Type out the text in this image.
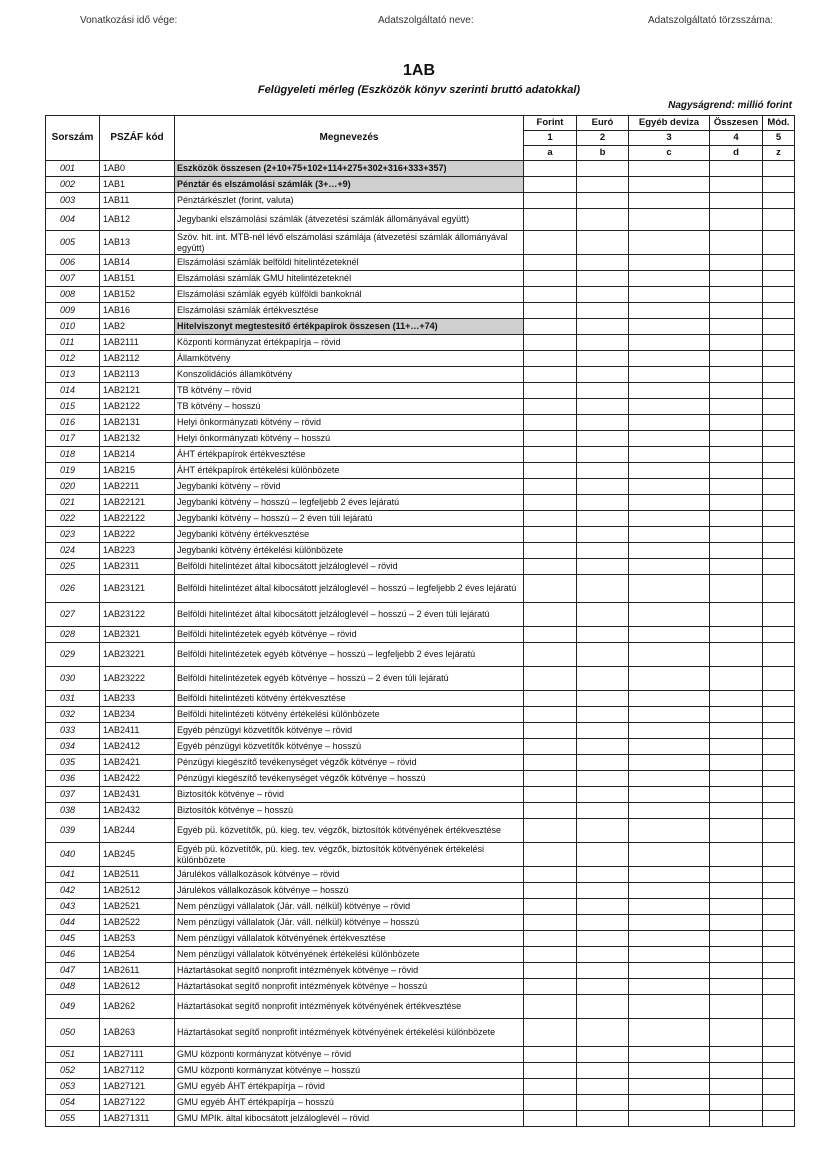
Vonatkozási idő vége:	Adatszolgáltató neve:	Adatszolgáltató törzsszáma:
1AB
Felügyeleti mérleg (Eszközök könyv szerinti bruttó adatokkal)
Nagyságrend: millió forint
Sorszám	PSZÁF kód	Megnevezés	Forint	Euró	Egyéb deviza	Összesen	Mód.
			1	2	3	4	5
			a	b	c	d	z
001	1AB0	Eszközök összesen (2+10+75+102+114+275+302+316+333+357)					
002	1AB1	Pénztár és elszámolási számlák (3+…+9)					
003	1AB11	Pénztárkészlet (forint, valuta)					
004	1AB12	Jegybanki elszámolási számlák (átvezetési számlák állományával együtt)					
005	1AB13	Szöv. hit. int. MTB-nél lévő elszámolási számlája (átvezetési számlák állományával együtt)					
006	1AB14	Elszámolási számlák belföldi hitelintézeteknél					
007	1AB151	Elszámolási számlák GMU hitelintézeteknél					
008	1AB152	Elszámolási számlák egyéb külföldi bankoknál					
009	1AB16	Elszámolási számlák értékvesztése					
010	1AB2	Hitelviszonyt megtestesítő értékpapírok összesen (11+…+74)					
011	1AB2111	Központi kormányzat értékpapírja – rövid					
012	1AB2112	Államkötvény					
013	1AB2113	Konszolidációs államkötvény					
014	1AB2121	TB kötvény – rövid					
015	1AB2122	TB kötvény – hosszú					
016	1AB2131	Helyi önkormányzati kötvény – rövid					
017	1AB2132	Helyi önkormányzati kötvény – hosszú					
018	1AB214	ÁHT értékpapírok értékvesztése					
019	1AB215	ÁHT értékpapírok értékelési különbözete					
020	1AB2211	Jegybanki kötvény – rövid					
021	1AB22121	Jegybanki kötvény – hosszú – legfeljebb 2 éves lejáratú					
022	1AB22122	Jegybanki kötvény – hosszú – 2 éven túli lejáratú					
023	1AB222	Jegybanki kötvény értékvesztése					
024	1AB223	Jegybanki kötvény értékelési különbözete					
025	1AB2311	Belföldi hitelintézet által kibocsátott jelzáloglevél – rövid					
026	1AB23121	Belföldi hitelintézet által kibocsátott jelzáloglevél – hosszú – legfeljebb 2 éves lejáratú					
027	1AB23122	Belföldi hitelintézet által kibocsátott jelzáloglevél – hosszú – 2 éven túli lejáratú					
028	1AB2321	Belföldi hitelintézetek egyéb kötvénye – rövid					
029	1AB23221	Belföldi hitelintézetek egyéb kötvénye – hosszú – legfeljebb 2 éves lejáratú					
030	1AB23222	Belföldi hitelintézetek egyéb kötvénye – hosszú – 2 éven túli lejáratú					
031	1AB233	Belföldi hitelintézeti kötvény értékvesztése					
032	1AB234	Belföldi hitelintézeti kötvény értékelési különbözete					
033	1AB2411	Egyéb pénzügyi közvetítők kötvénye – rövid					
034	1AB2412	Egyéb pénzügyi közvetítők kötvénye – hosszú					
035	1AB2421	Pénzügyi kiegészítő tevékenységet végzők kötvénye – rövid					
036	1AB2422	Pénzügyi kiegészítő tevékenységet végzők kötvénye – hosszú					
037	1AB2431	Biztosítók kötvénye – rövid					
038	1AB2432	Biztosítók kötvénye – hosszú					
039	1AB244	Egyéb pü. közvetítők, pü. kieg. tev. végzők, biztosítók kötvényének értékvesztése					
040	1AB245	Egyéb pü. közvetítők, pü. kieg. tev. végzők, biztosítók kötvényének értékelési különbözete					
041	1AB2511	Járulékos vállalkozások kötvénye – rövid					
042	1AB2512	Járulékos vállalkozások kötvénye – hosszú					
043	1AB2521	Nem pénzügyi vállalatok (Jár. váll. nélkül) kötvénye – rövid					
044	1AB2522	Nem pénzügyi vállalatok (Jár. váll. nélkül) kötvénye – hosszú					
045	1AB253	Nem pénzügyi vállalatok kötvényének értékvesztése					
046	1AB254	Nem pénzügyi vállalatok kötvényének értékelési különbözete					
047	1AB2611	Háztartásokat segítő nonprofit intézmények kötvénye – rövid					
048	1AB2612	Háztartásokat segítő nonprofit intézmények kötvénye – hosszú					
049	1AB262	Háztartásokat segítő nonprofit intézmények kötvényének értékvesztése					
050	1AB263	Háztartásokat segítő nonprofit intézmények kötvényének értékelési különbözete					
051	1AB27111	GMU központi kormányzat kötvénye – rövid					
052	1AB27112	GMU központi kormányzat kötvénye – hosszú					
053	1AB27121	GMU egyéb ÁHT értékpapírja – rövid					
054	1AB27122	GMU egyéb ÁHT értékpapírja – hosszú					
055	1AB271311	GMU MPIk. által kibocsátott jelzáloglevél – rövid					
